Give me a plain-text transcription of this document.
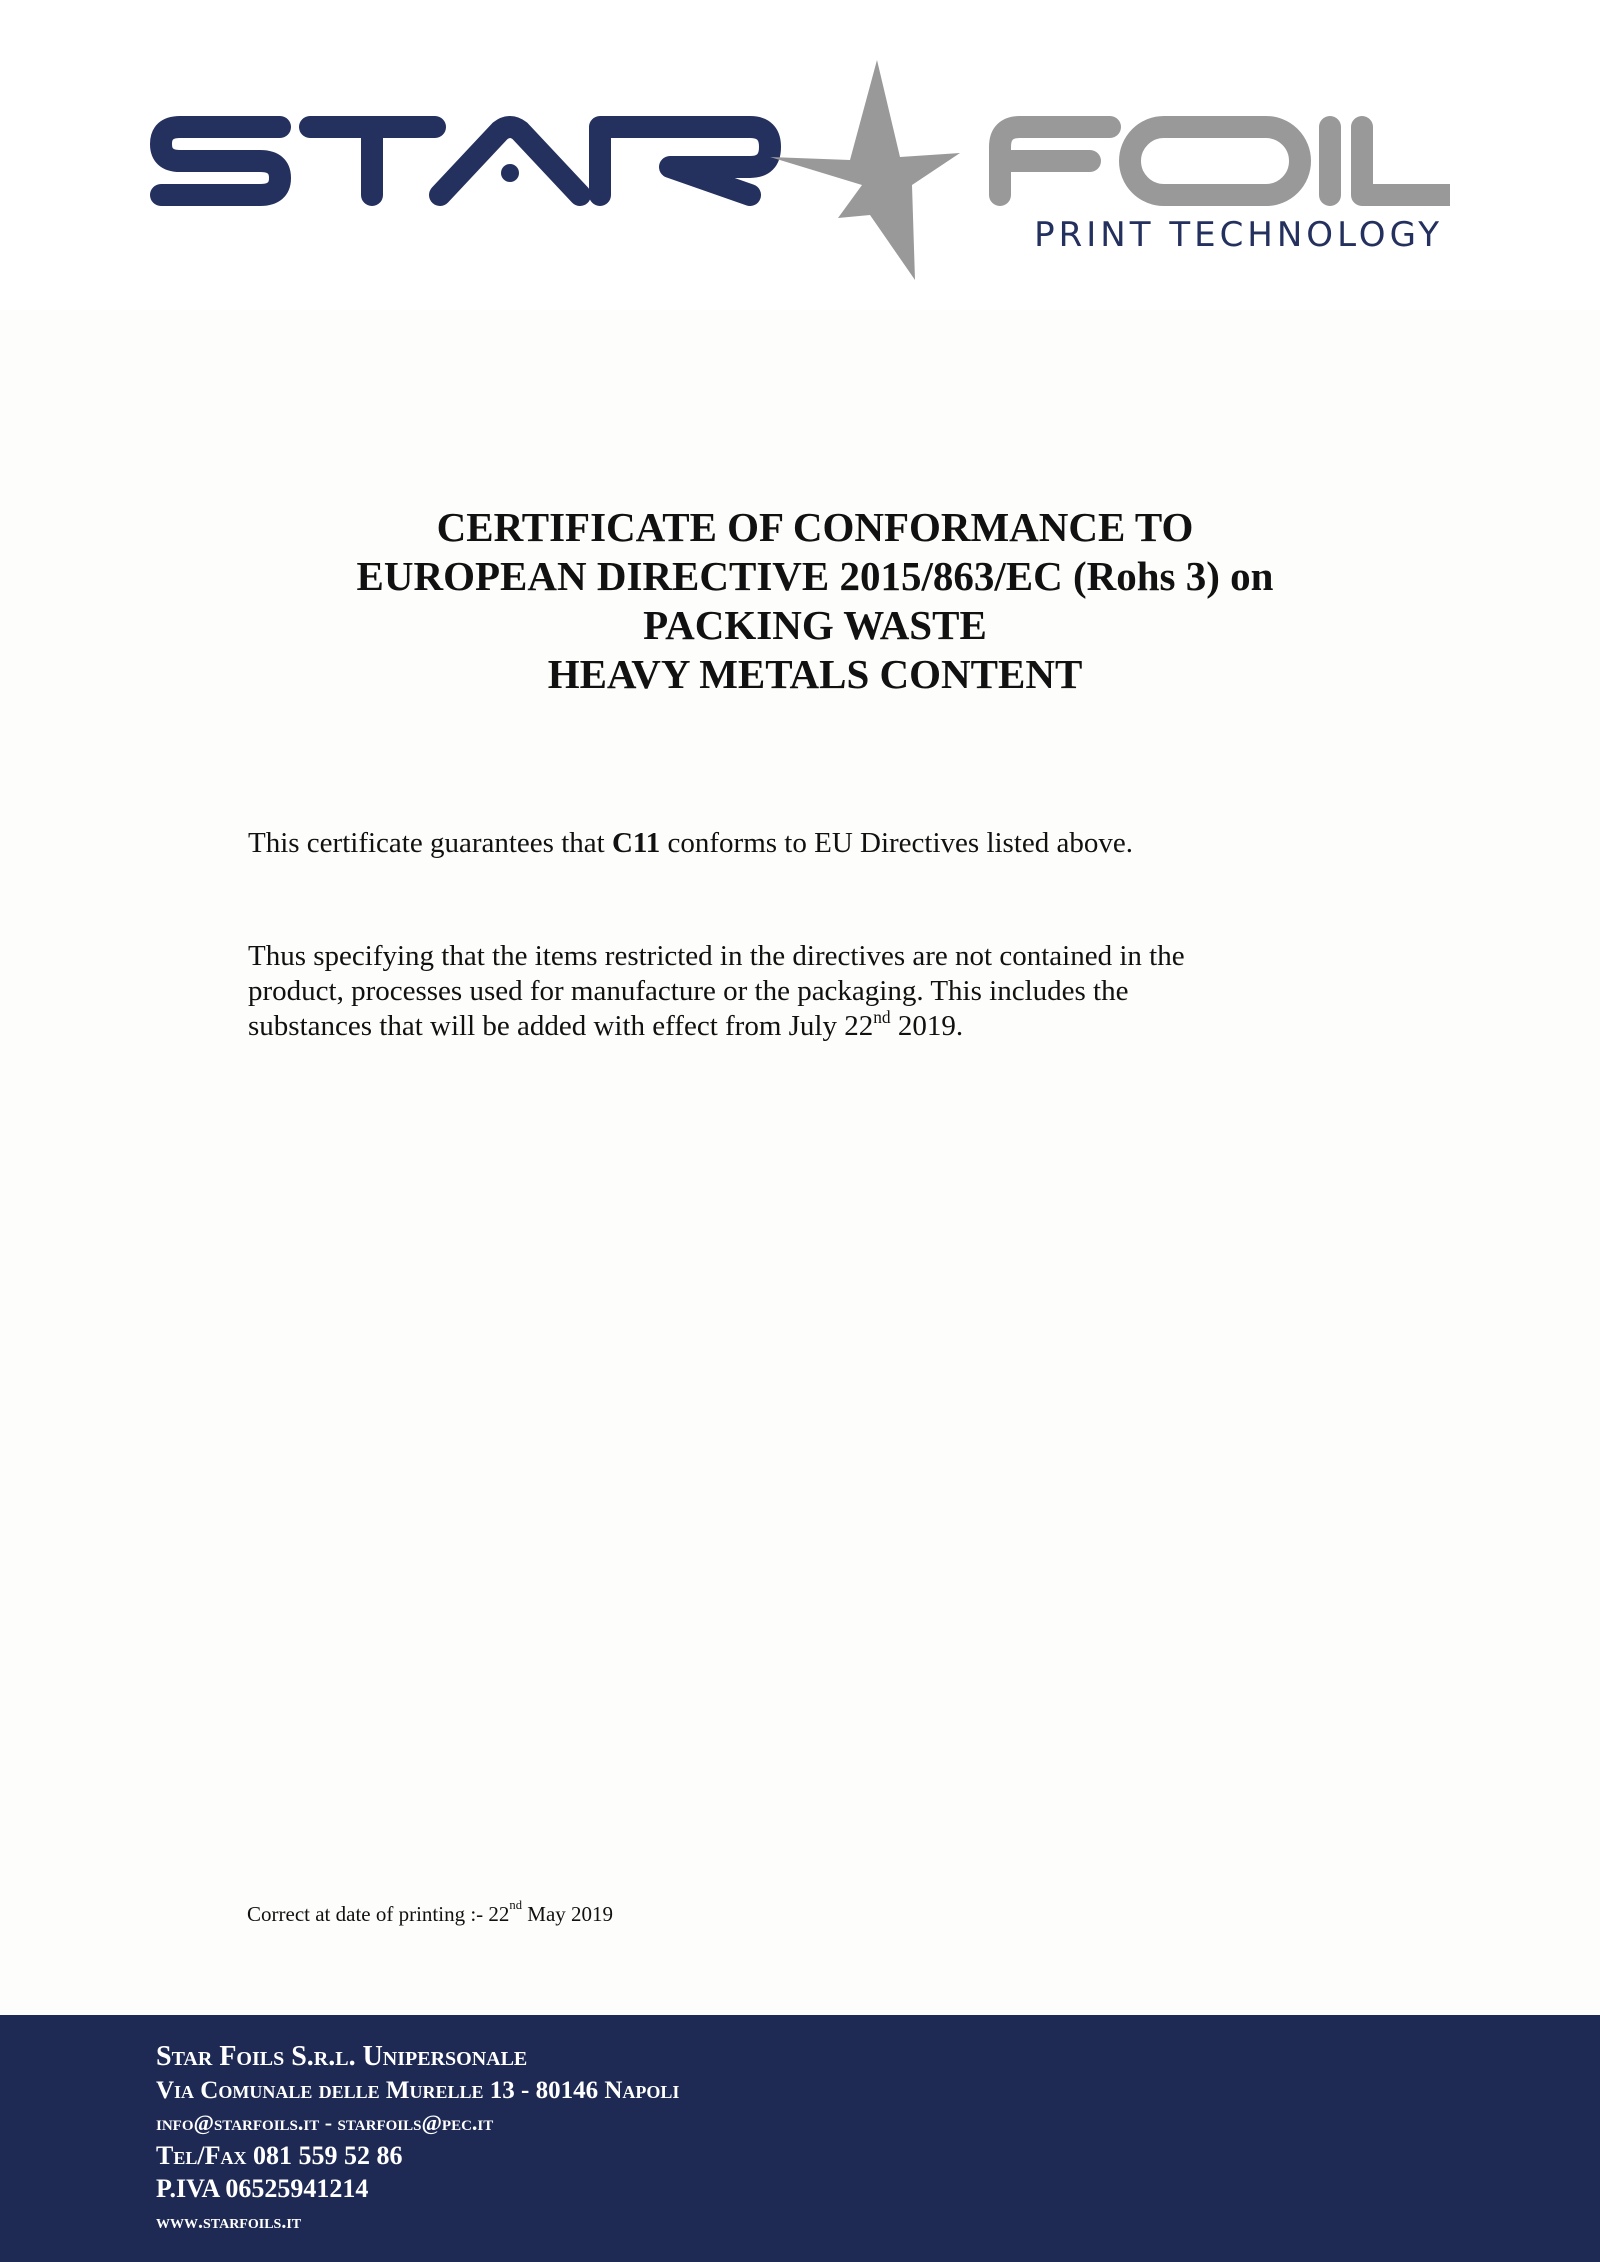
PRINT TECHNOLOGY
CERTIFICATE OF CONFORMANCE TO
EUROPEAN DIRECTIVE 2015/863/EC (Rohs 3) on
PACKING WASTE
HEAVY METALS CONTENT
This certificate guarantees that C11 conforms to EU Directives listed above.
Thus specifying that the items restricted in the directives are not contained in the
product, processes used for manufacture or the packaging. This includes the
substances that will be added with effect from July 22nd 2019.
Correct at date of printing :- 22nd May 2019
Star Foils S.r.l. Unipersonale
Via Comunale delle Murelle 13 - 80146 Napoli
info@starfoils.it - starfoils@pec.it
Tel/Fax 081 559 52 86
P.IVA 06525941214
www.starfoils.it
